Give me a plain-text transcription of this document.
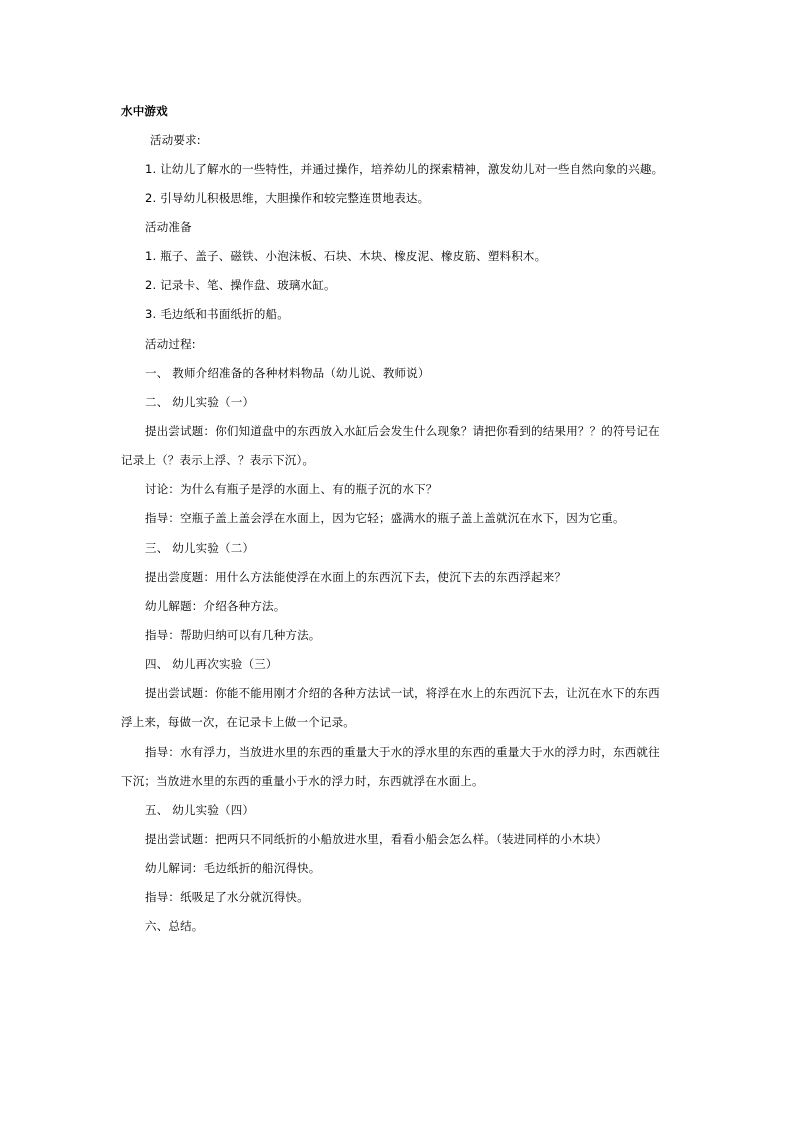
水中游戏
活动要求:
1. 让幼儿了解水的一些特性，并通过操作，培养幼儿的探索精神，激发幼儿对一些自然向象的兴趣。
2. 引导幼儿积极思维，大胆操作和较完整连贯地表达。
活动准备
1. 瓶子、盖子、磁铁、小泡沫板、石块、木块、橡皮泥、橡皮筋、塑料积木。
2. 记录卡、笔、操作盘、玻璃水缸。
3. 毛边纸和书面纸折的船。
活动过程:
一、 教师介绍准备的各种材料物品（幼儿说、教师说）
二、 幼儿实验（一）
提出尝试题：你们知道盘中的东西放入水缸后会发生什么现象？请把你看到的结果用？？的符号记在
记录上（？表示上浮、？表示下沉）。
讨论：为什么有瓶子是浮的水面上、有的瓶子沉的水下？
指导：空瓶子盖上盖会浮在水面上，因为它轻；盛满水的瓶子盖上盖就沉在水下，因为它重。
三、 幼儿实验（二）
提出尝度题：用什么方法能使浮在水面上的东西沉下去，使沉下去的东西浮起来？
幼儿解题：介绍各种方法。
指导：帮助归纳可以有几种方法。
四、 幼儿再次实验（三）
提出尝试题：你能不能用刚才介绍的各种方法试一试，将浮在水上的东西沉下去，让沉在水下的东西
浮上来，每做一次，在记录卡上做一个记录。
指导：水有浮力，当放进水里的东西的重量大于水的浮水里的东西的重量大于水的浮力时，东西就往
下沉；当放进水里的东西的重量小于水的浮力时，东西就浮在水面上。
五、 幼儿实验（四）
提出尝试题：把两只不同纸折的小船放进水里，看看小船会怎么样。（装进同样的小木块）
幼儿解词：毛边纸折的船沉得快。
指导：纸吸足了水分就沉得快。
六、总结。
